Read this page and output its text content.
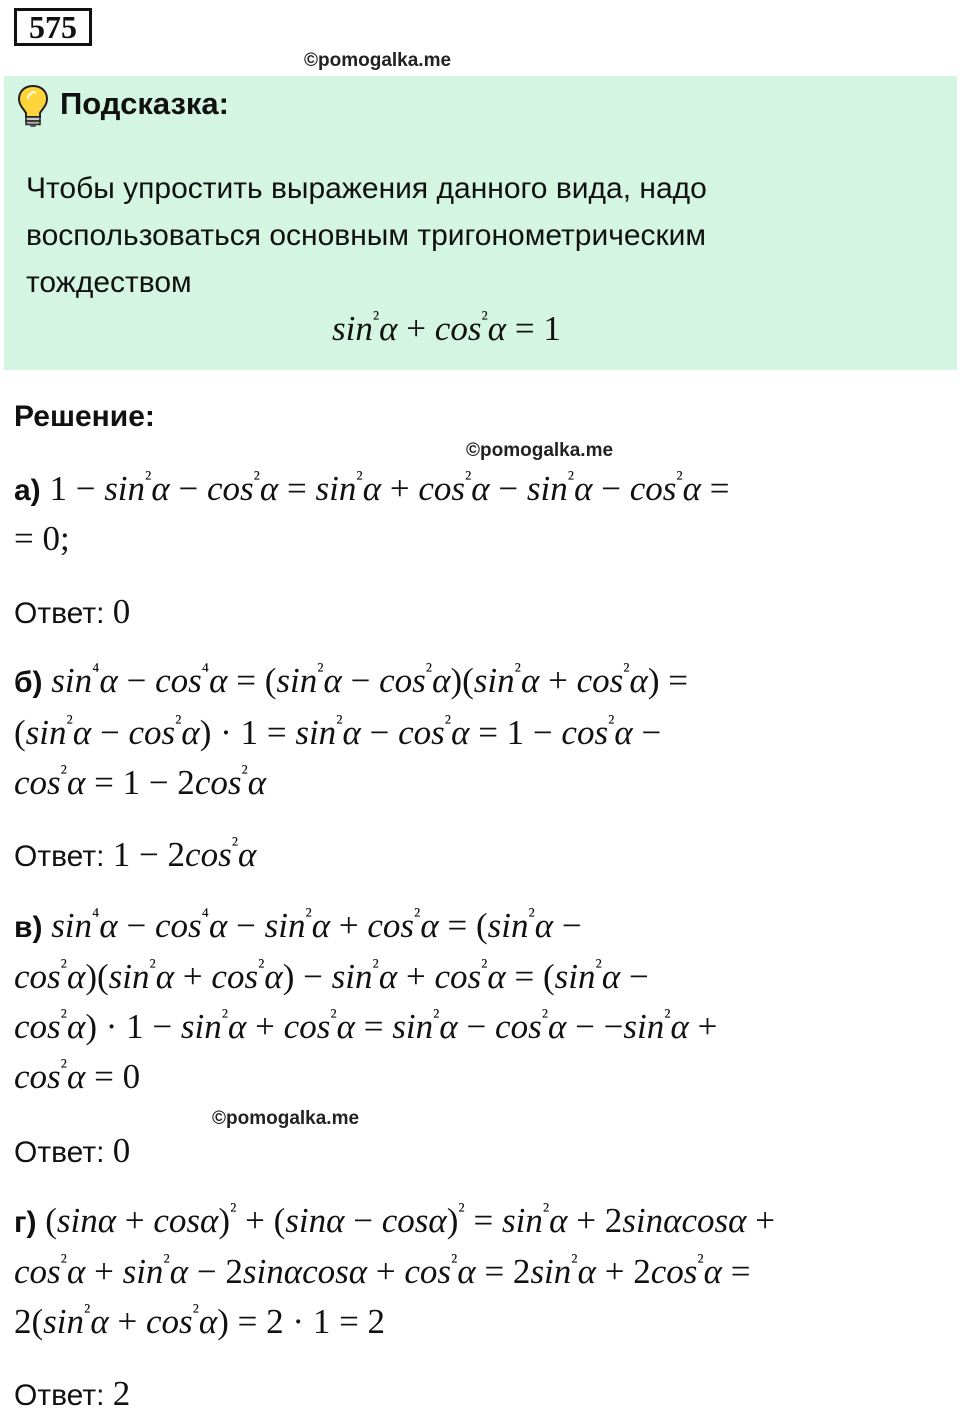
575
©pomogalka.me
Подсказка:
Чтобы упростить выражения данного вида, надо
воспользоваться основным тригонометрическим
тождеством
$\sin^{^2}\alpha + \cos^{^2}\alpha = 1$
Решение:
©pomogalka.me
а) $1 - \sin^{^2}\alpha - \cos^{^2}\alpha = \sin^{^2}\alpha + \cos^{^2}\alpha - \sin^{^2}\alpha - \cos^{^2}\alpha$ =
= 0;
Ответ: 0
б) $\sin^{^4}\alpha - \cos^{^4}\alpha = (\sin^{^2}\alpha - \cos^{^2}\alpha)(\sin^{^2}\alpha + \cos^{^2}\alpha)$ =
$(\sin^{^2}\alpha - \cos^{^2}\alpha) \cdot 1 = \sin^{^2}\alpha - \cos^{^2}\alpha = 1 - \cos^{^2}\alpha$ −
$\cos^{^2}\alpha = 1 - 2\cos^{^2}\alpha$
Ответ: $1 - 2\cos^{^2}\alpha$
в) $\sin^{^4}\alpha - \cos^{^4}\alpha - \sin^{^2}\alpha + \cos^{^2}\alpha = (\sin^{^2}\alpha$ −
$\cos^{^2}\alpha)(\sin^{^2}\alpha + \cos^{^2}\alpha) - \sin^{^2}\alpha + \cos^{^2}\alpha = (\sin^{^2}\alpha$ −
$\cos^{^2}\alpha) \cdot 1 - \sin^{^2}\alpha + \cos^{^2}\alpha = \sin^{^2}\alpha - \cos^{^2}\alpha - -\sin^{^2}\alpha$ +
$\cos^{^2}\alpha = 0$
©pomogalka.me
Ответ: 0
г) $(\sin\alpha + \cos\alpha)^{^2} + (\sin\alpha - \cos\alpha)^{^2} = \sin^{^2}\alpha + 2\sin\alpha\cos\alpha$ +
$\cos^{^2}\alpha + \sin^{^2}\alpha - 2\sin\alpha\cos\alpha + \cos^{^2}\alpha = 2\sin^{^2}\alpha + 2\cos^{^2}\alpha$ =
$2(\sin^{^2}\alpha + \cos^{^2}\alpha) = 2 \cdot 1 = 2$
Ответ: 2
